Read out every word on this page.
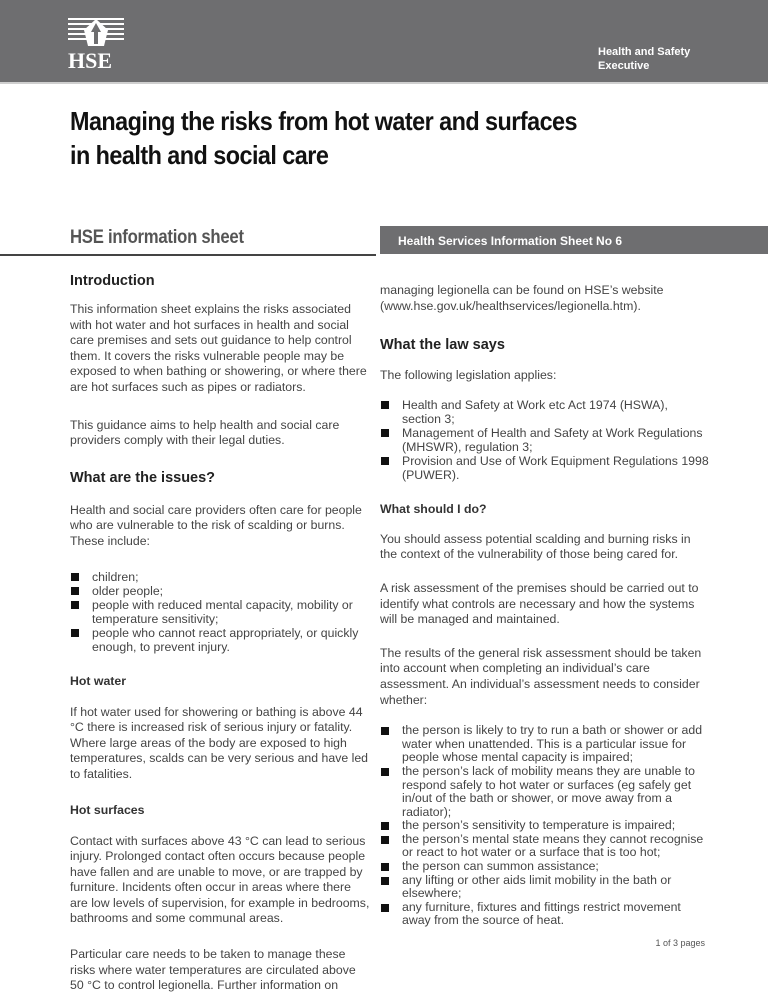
HSE	Health and Safety
Executive
Managing the risks from hot water and surfaces
in health and social care
HSE information sheet	Health Services Information Sheet No 6
Introduction

This information sheet explains the risks associated with hot water and hot surfaces in health and social care premises and sets out guidance to help control them. It covers the risks vulnerable people may be exposed to when bathing or showering, or where there are hot surfaces such as pipes or radiators.

This guidance aims to help health and social care providers comply with their legal duties.

What are the issues?

Health and social care providers often care for people who are vulnerable to the risk of scalding or burns. These include:

children;
older people;
people with reduced mental capacity, mobility or temperature sensitivity;
people who cannot react appropriately, or quickly enough, to prevent injury.
Hot water

If hot water used for showering or bathing is above 44 °C there is increased risk of serious injury or fatality. Where large areas of the body are exposed to high temperatures, scalds can be very serious and have led to fatalities.

Hot surfaces

Contact with surfaces above 43 °C can lead to serious injury. Prolonged contact often occurs because people have fallen and are unable to move, or are trapped by furniture. Incidents often occur in areas where there are low levels of supervision, for example in bedrooms, bathrooms and some communal areas.

Particular care needs to be taken to manage these risks where water temperatures are circulated above 50 °C to control legionella. Further information on

managing legionella can be found on HSE’s website (www.hse.gov.uk/healthservices/legionella.htm).

What the law says

The following legislation applies:

Health and Safety at Work etc Act 1974 (HSWA), section 3;
Management of Health and Safety at Work Regulations (MHSWR), regulation 3;
Provision and Use of Work Equipment Regulations 1998 (PUWER).
What should I do?

You should assess potential scalding and burning risks in the context of the vulnerability of those being cared for.

A risk assessment of the premises should be carried out to identify what controls are necessary and how the systems will be managed and maintained.

The results of the general risk assessment should be taken into account when completing an individual’s care assessment. An individual’s assessment needs to consider whether:

the person is likely to try to run a bath or shower or add water when unattended. This is a particular issue for people whose mental capacity is impaired;
the person’s lack of mobility means they are unable to respond safely to hot water or surfaces (eg safely get in/out of the bath or shower, or move away from a radiator);
the person’s sensitivity to temperature is impaired;
the person’s mental state means they cannot recognise or react to hot water or a surface that is too hot;
the person can summon assistance;
any lifting or other aids limit mobility in the bath or elsewhere;
any furniture, fixtures and fittings restrict movement away from the source of heat.
1 of 3 pages
